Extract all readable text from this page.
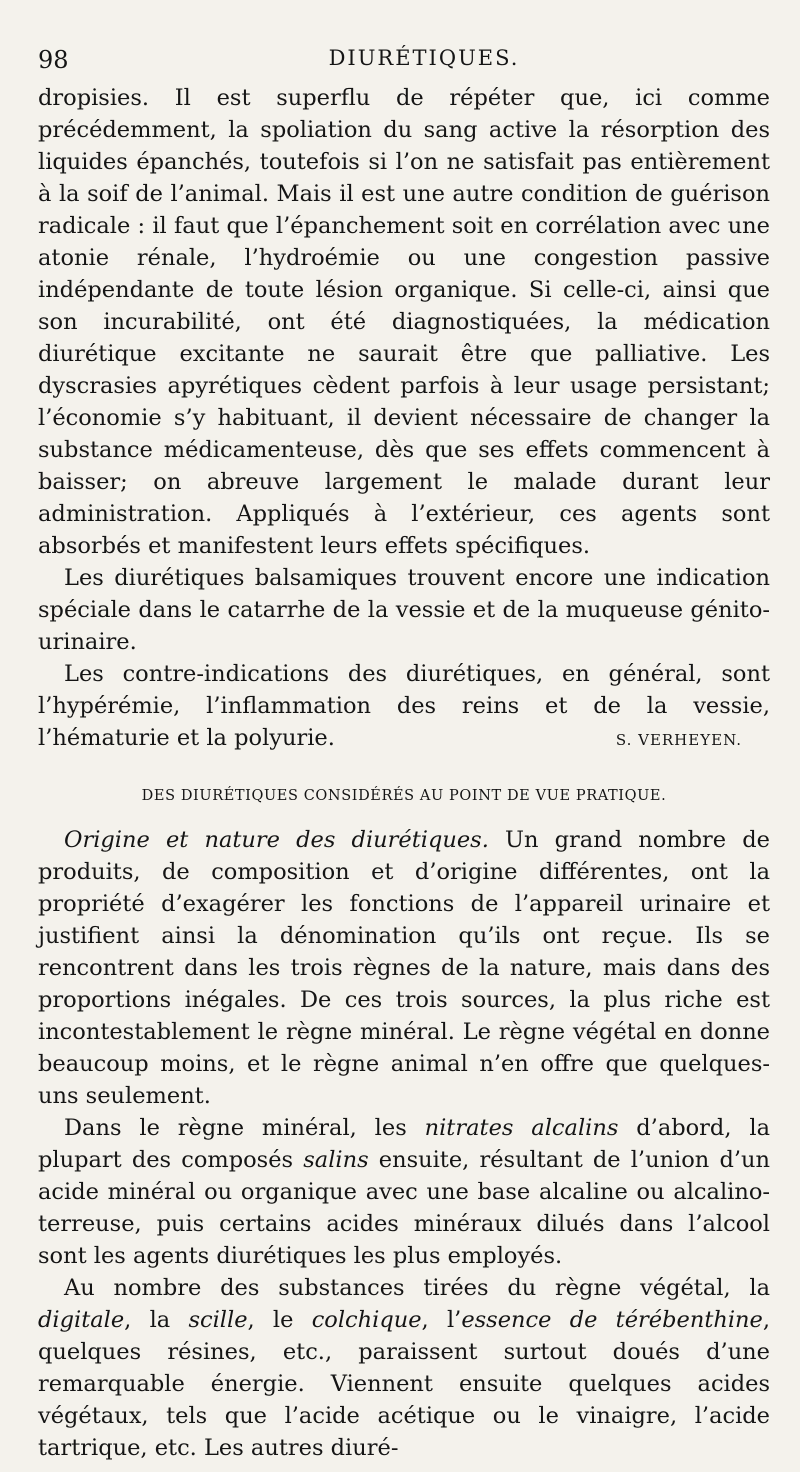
98	DIURÉTIQUES.

dropisies. Il est superflu de répéter que, ici comme précédemment, la spoliation du sang active la résorption des liquides épanchés, toutefois si l’on ne satisfait pas entièrement à la soif de l’animal. Mais il est une autre condition de guérison radicale : il faut que l’épanchement soit en corrélation avec une atonie rénale, l’hydroémie ou une congestion passive indépendante de toute lésion organique. Si celle-ci, ainsi que son incurabilité, ont été diagnostiquées, la médication diurétique excitante ne saurait être que palliative. Les dyscrasies apyrétiques cèdent parfois à leur usage persistant; l’économie s’y habituant, il devient nécessaire de changer la substance médicamenteuse, dès que ses effets commencent à baisser; on abreuve largement le malade durant leur administration. Appliqués à l’extérieur, ces agents sont absorbés et manifestent leurs effets spécifiques.

Les diurétiques balsamiques trouvent encore une indication spéciale dans le catarrhe de la vessie et de la muqueuse génito-urinaire.

Les contre-indications des diurétiques, en général, sont l’hypérémie, l’inflammation des reins et de la vessie, l’hématurie et la polyurie.	S. VERHEYEN.

DES DIURÉTIQUES CONSIDÉRÉS AU POINT DE VUE PRATIQUE.

Origine et nature des diurétiques. Un grand nombre de produits, de composition et d’origine différentes, ont la propriété d’exagérer les fonctions de l’appareil urinaire et justifient ainsi la dénomination qu’ils ont reçue. Ils se rencontrent dans les trois règnes de la nature, mais dans des proportions inégales. De ces trois sources, la plus riche est incontestablement le règne minéral. Le règne végétal en donne beaucoup moins, et le règne animal n’en offre que quelques-uns seulement.

Dans le règne minéral, les nitrates alcalins d’abord, la plupart des composés salins ensuite, résultant de l’union d’un acide minéral ou organique avec une base alcaline ou alcalino-terreuse, puis certains acides minéraux dilués dans l’alcool sont les agents diurétiques les plus employés.

Au nombre des substances tirées du règne végétal, la digitale, la scille, le colchique, l’essence de térébenthine, quelques résines, etc., paraissent surtout doués d’une remarquable énergie. Viennent ensuite quelques acides végétaux, tels que l’acide acétique ou le vinaigre, l’acide tartrique, etc. Les autres diuré-
